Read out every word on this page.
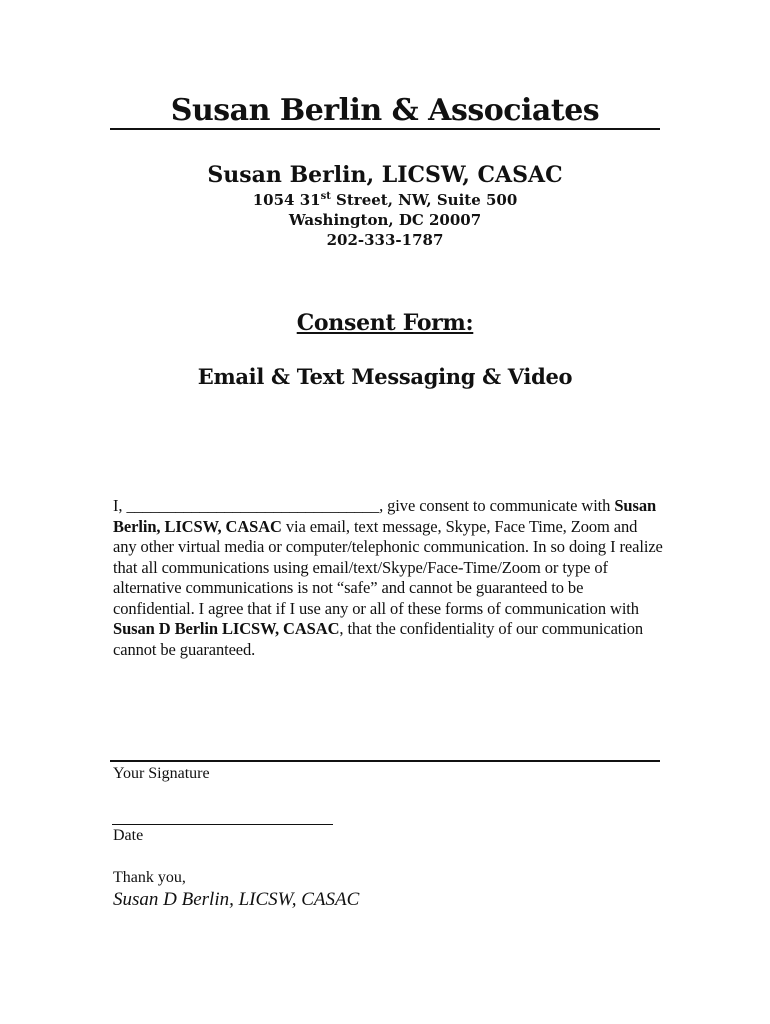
Susan Berlin & Associates
Susan Berlin, LICSW, CASAC
1054 31st Street, NW, Suite 500
Washington, DC 20007
202-333-1787
Consent Form:
Email & Text Messaging & Video

I, _______________________________, give consent to communicate with Susan Berlin, LICSW, CASAC via email, text message, Skype, Face Time, Zoom and any other virtual media or computer/telephonic communication. In so doing I realize that all communications using email/text/Skype/Face-Time/Zoom or type of alternative communications is not “safe” and cannot be guaranteed to be confidential. I agree that if I use any or all of these forms of communication with Susan D Berlin LICSW, CASAC, that the confidentiality of our communication cannot be guaranteed.

Your Signature
Date
Thank you,
Susan D Berlin, LICSW, CASAC
